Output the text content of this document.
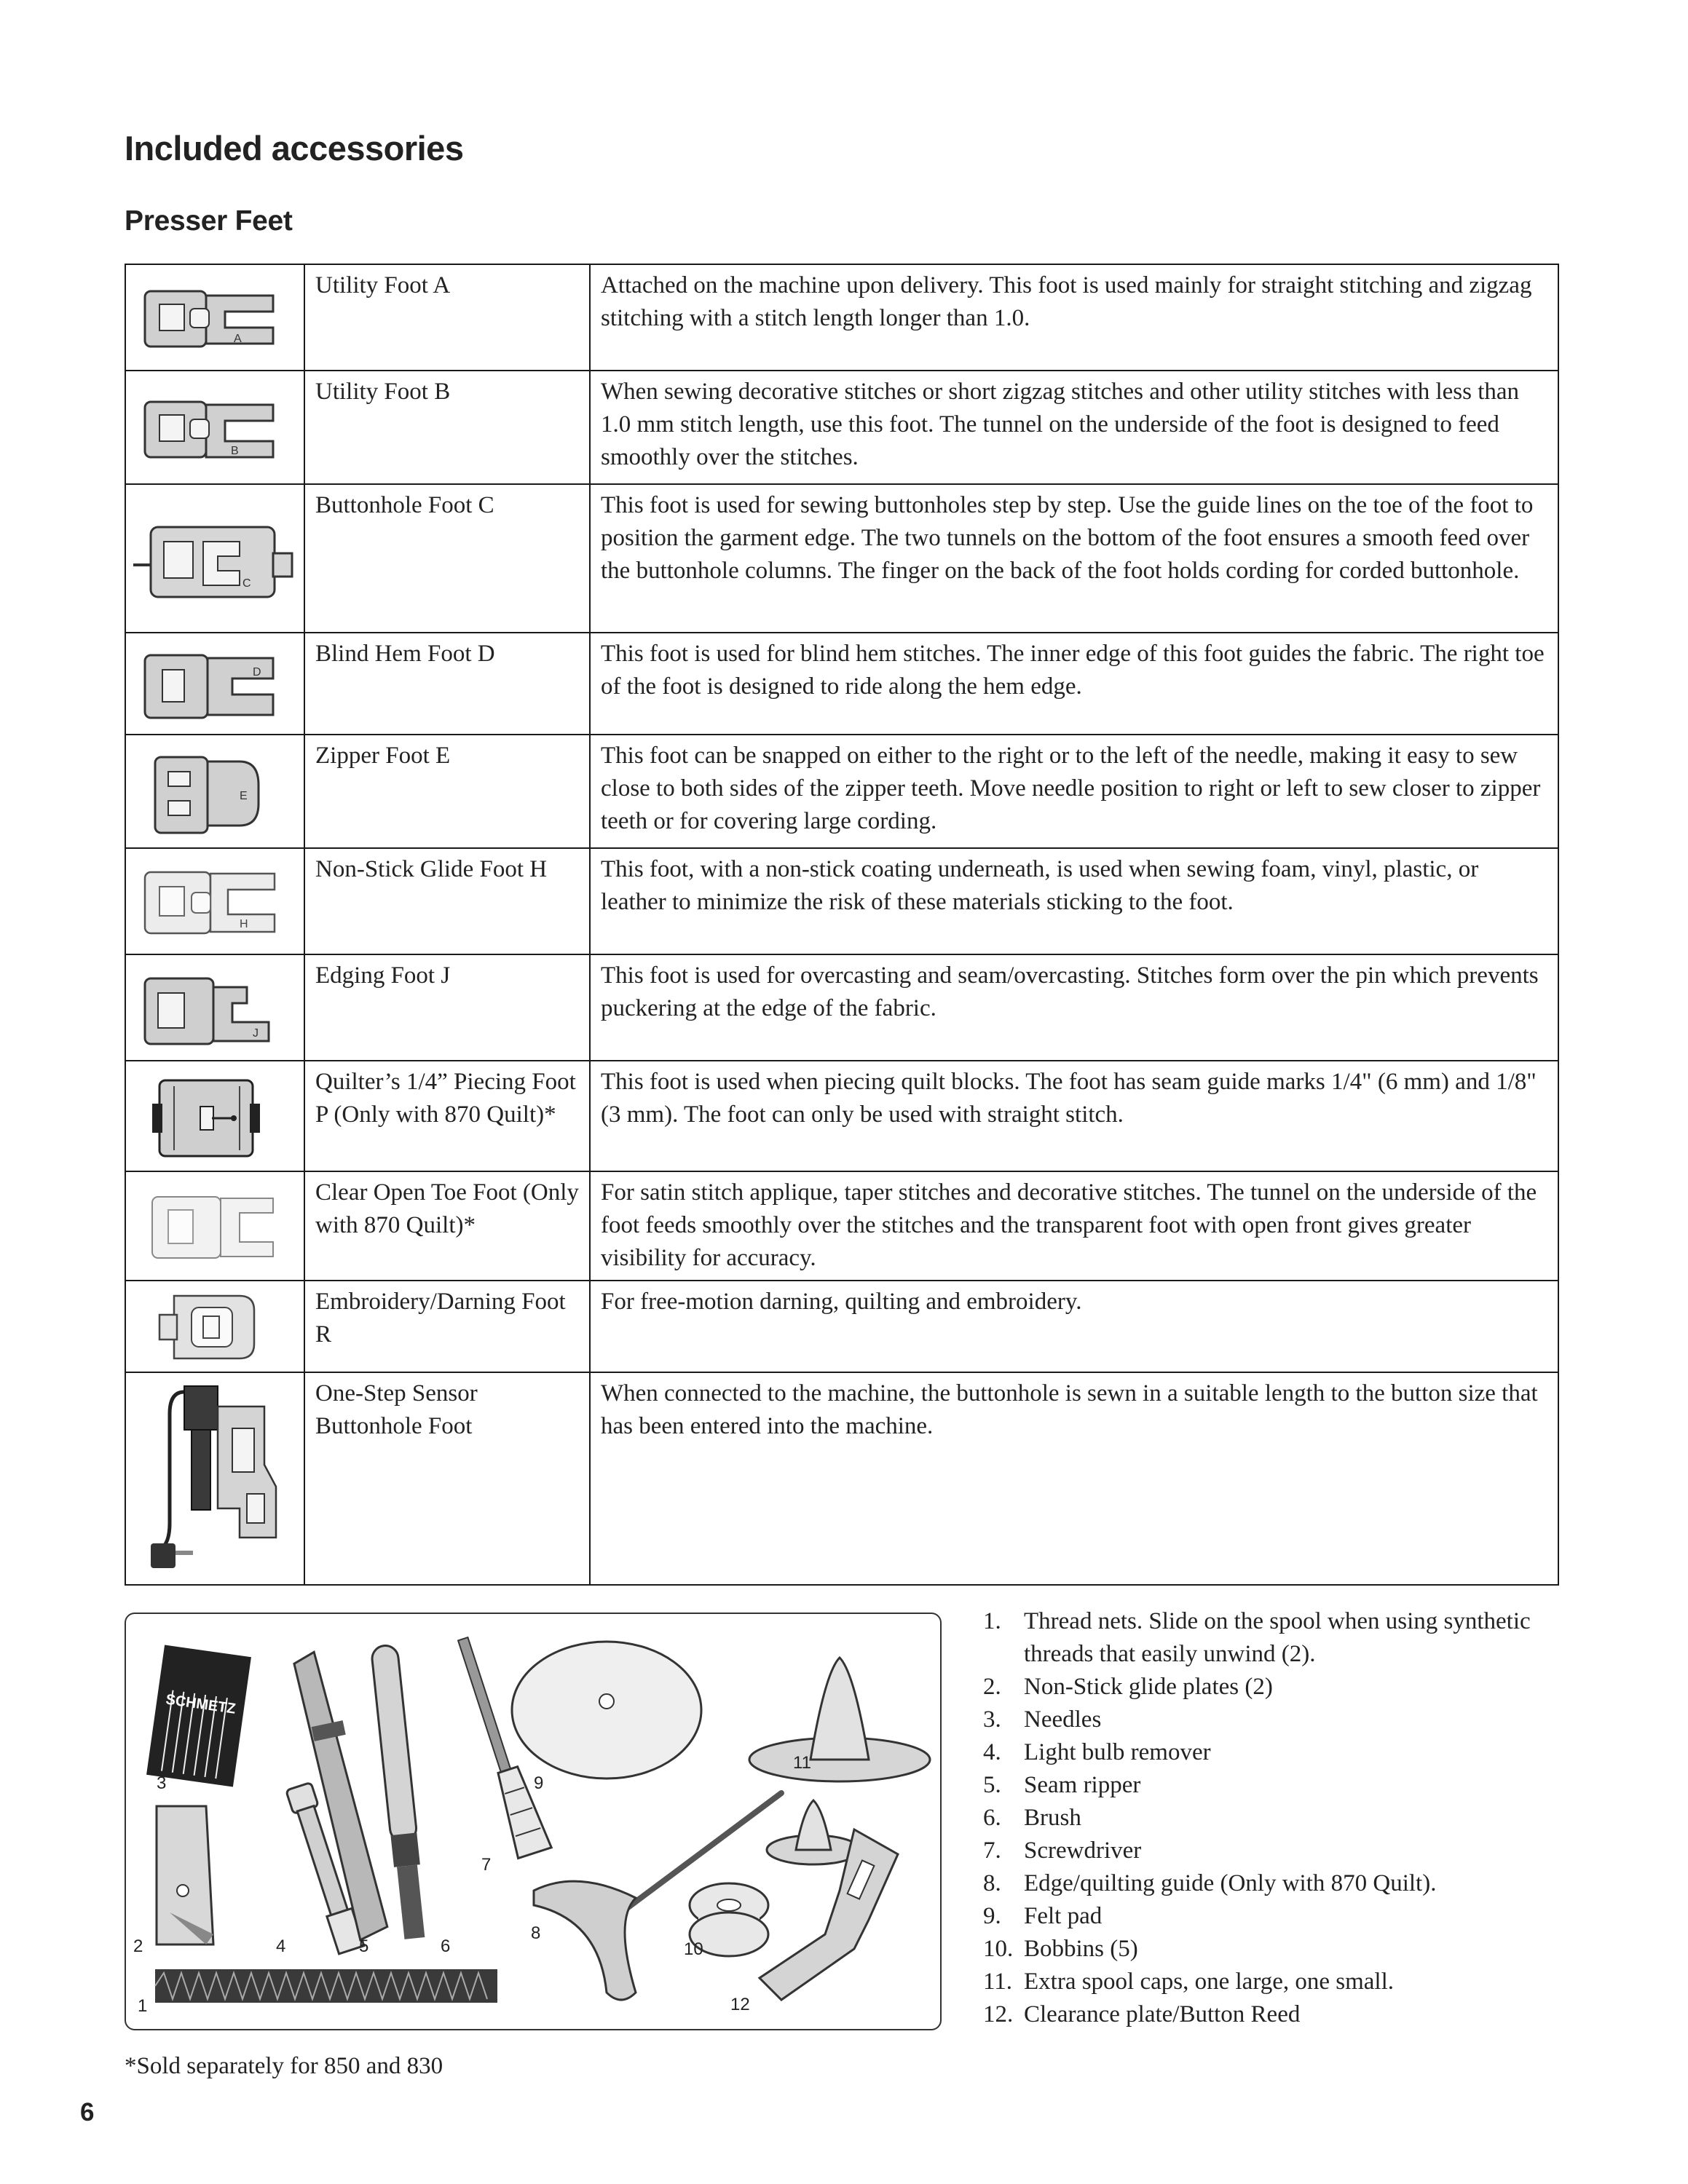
Included accessories
Presser Feet
A	Utility Foot A	Attached on the machine upon delivery. This foot is used mainly for straight stitching and zigzag stitching with a stitch length longer than 1.0.

B	Utility Foot B	When sewing decorative stitches or short zigzag stitches and other utility stitches with less than 1.0 mm stitch length, use this foot. The tunnel on the underside of the foot is designed to feed smoothly over the stitches.

C	Buttonhole Foot C	This foot is used for sewing buttonholes step by step. Use the guide lines on the toe of the foot to position the garment edge. The two tunnels on the bottom of the foot ensures a smooth feed over the buttonhole columns. The finger on the back of the foot holds cording for corded buttonhole.

D	Blind Hem Foot D	This foot is used for blind hem stitches. The inner edge of this foot guides the fabric. The right toe of the foot is designed to ride along the hem edge.

E	Zipper Foot E	This foot can be snapped on either to the right or to the left of the needle, making it easy to sew close to both sides of the zipper teeth. Move needle position to right or left to sew closer to zipper teeth or for covering large cording.

H	Non-Stick Glide Foot H	This foot, with a non-stick coating underneath, is used when sewing foam, vinyl, plastic, or leather to minimize the risk of these materials sticking to the foot.

J	Edging Foot J	This foot is used for overcasting and seam/overcasting. Stitches form over the pin which prevents puckering at the edge of the fabric.

	Quilter’s 1/4” Piecing Foot P (Only with 870 Quilt)*	This foot is used when piecing quilt blocks. The foot has seam guide marks 1/4" (6 mm) and 1/8" (3 mm). The foot can only be used with straight stitch.

	Clear Open Toe Foot (Only with 870 Quilt)*	For satin stitch applique, taper stitches and decorative stitches. The tunnel on the underside of the foot feeds smoothly over the stitches and the transparent foot with open front gives greater visibility for accuracy.

	Embroidery/Darning Foot R	For free-motion darning, quilting and embroidery.

	One-Step Sensor Buttonhole Foot	When connected to the machine, the buttonhole is sewn in a suitable length to the button size that has been entered into the machine.
SCHMETZ
1
2
3
4	5	6
7
8
9
10
11
12
1. Thread nets. Slide on the spool when using synthetic threads that easily unwind (2).
2. Non-Stick glide plates (2)
3. Needles
4. Light bulb remover
5. Seam ripper
6. Brush
7. Screwdriver
8. Edge/quilting guide (Only with 870 Quilt).
9. Felt pad
10. Bobbins (5)
11. Extra spool caps, one large, one small.
12. Clearance plate/Button Reed
*Sold separately for 850 and 830
6
